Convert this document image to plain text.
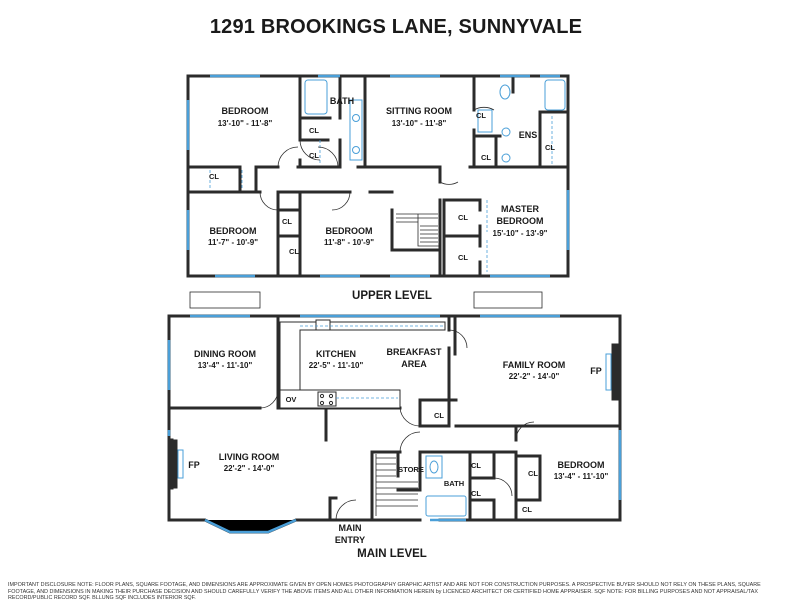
1291 BROOKINGS LANE, SUNNYVALE
BEDROOM
13'-10" - 11'-8"
BATH
SITTING ROOM
13'-10" - 11'-8"
ENS
BEDROOM
11'-7" - 10'-9"
BEDROOM
11'-8" - 10'-9"
MASTER
BEDROOM
15'-10" - 13'-9"
CL
CL
CL
CL
CL
CL
CL
CL
CL
CL
UPPER LEVEL
DINING ROOM
13'-4" - 11'-10"
KITCHEN
22'-5" - 11'-10"
BREAKFAST
AREA	FAMILY ROOM
22'-2" - 14'-0"
LIVING ROOM
22'-2" - 14'-0"	BEDROOM
13'-4" - 11'-10"
BATH
STORE
MAIN
ENTRY
MAIN LEVEL
FP
FP
OV
CL
CL
CL
CL
CL
IMPORTANT DISCLOSURE NOTE: FLOOR PLANS, SQUARE FOOTAGE, AND DIMENSIONS ARE APPROXIMATE GIVEN BY OPEN HOMES PHOTOGRAPHY GRAPHIC ARTIST AND ARE NOT FOR CONSTRUCTION PURPOSES. A PROSPECTIVE BUYER SHOULD NOT RELY ON THESE PLANS, SQUARE FOOTAGE, AND DIMENSIONS IN MAKING THEIR PURCHASE DECISION AND SHOULD CAREFULLY VERIFY THE ABOVE ITEMS AND ALL OTHER INFORMATION HEREIN by LICENCED ARCHITECT OR CERTIFIED HOME APPRAISER. SQF NOTE: FOR BILLING PURPOSES AND NOT APPRAISAL/TAX RECORD/PUBLIC RECORD SQF. BLLUNG SQF INCLUDES INTERIOR SQF.
